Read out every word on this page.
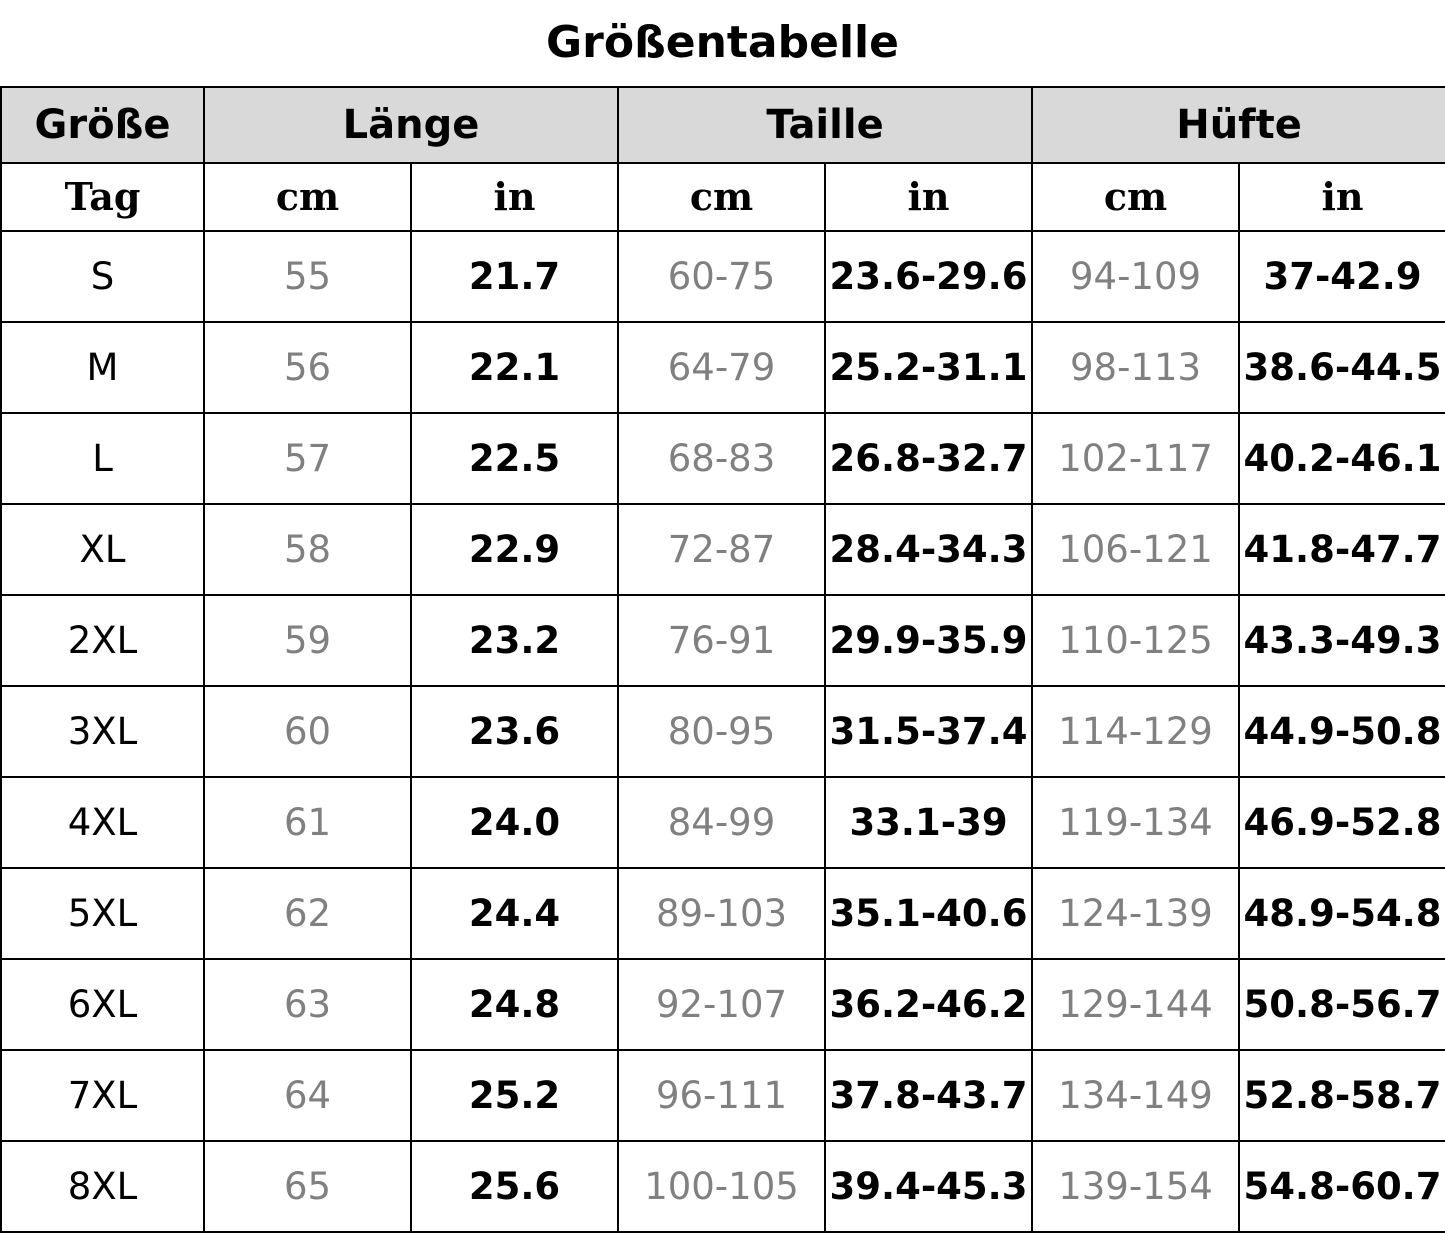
Größentabelle
Größe	Länge		Taille		Hüfte	
Tag	cm	in	cm	in	cm	in
S	55	21.7	60-75	23.6-29.6	94-109	37-42.9
M	56	22.1	64-79	25.2-31.1	98-113	38.6-44.5
L	57	22.5	68-83	26.8-32.7	102-117	40.2-46.1
XL	58	22.9	72-87	28.4-34.3	106-121	41.8-47.7
2XL	59	23.2	76-91	29.9-35.9	110-125	43.3-49.3
3XL	60	23.6	80-95	31.5-37.4	114-129	44.9-50.8
4XL	61	24.0	84-99	33.1-39	119-134	46.9-52.8
5XL	62	24.4	89-103	35.1-40.6	124-139	48.9-54.8
6XL	63	24.8	92-107	36.2-46.2	129-144	50.8-56.7
7XL	64	25.2	96-111	37.8-43.7	134-149	52.8-58.7
8XL	65	25.6	100-105	39.4-45.3	139-154	54.8-60.7
